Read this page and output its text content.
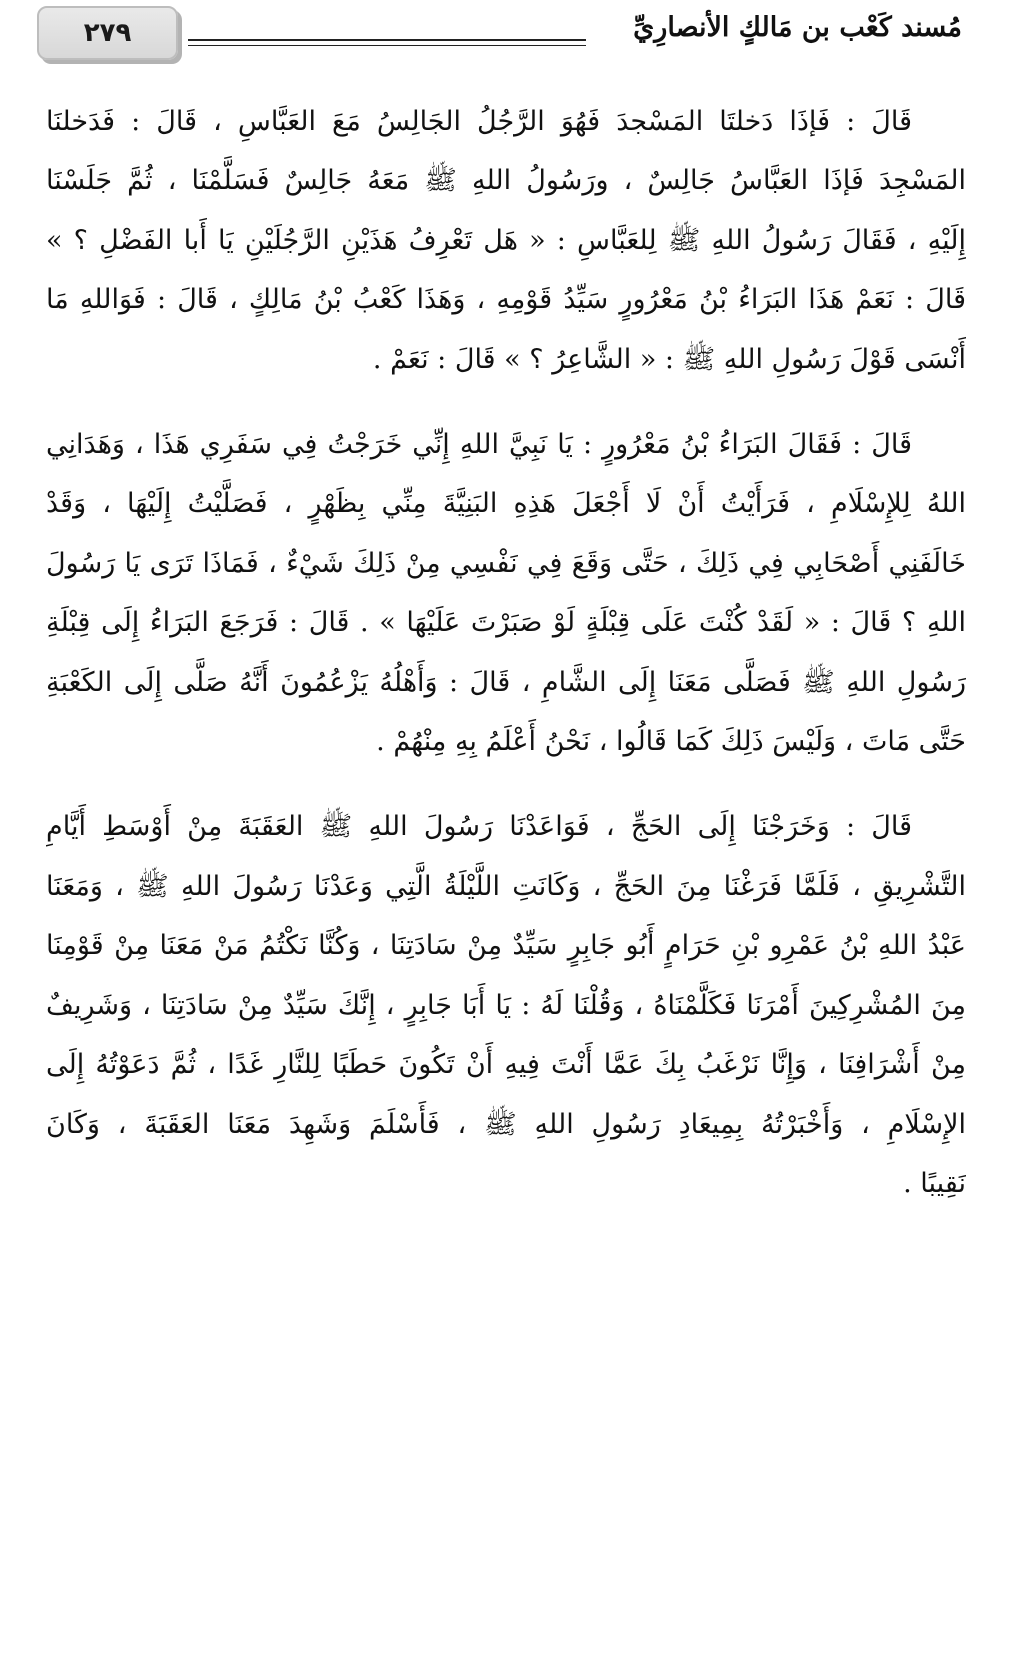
٢٧٩	مُسند كَعْب بن مَالكٍ الأنصارِيِّ
قَالَ : فَإذَا دَخلتَا المَسْجدَ فَهُوَ الرَّجُلُ الجَالِسُ مَعَ العَبَّاسِ ، قَالَ : فَدَخلنَا
المَسْجِدَ فَإذَا العَبَّاسُ جَالِسٌ ، ورَسُولُ اللهِ ﷺ مَعَهُ جَالِسٌ فَسَلَّمْنَا ، ثُمَّ جَلَسْنَا
إِلَيْهِ ، فَقَالَ رَسُولُ اللهِ ﷺ لِلعَبَّاسِ : « هَل تَعْرِفُ هَذَيْنِ الرَّجُلَيْنِ يَا أَبا الفَضْلِ ؟ »
قَالَ : نَعَمْ هَذَا البَرَاءُ بْنُ مَعْرُورٍ سَيِّدُ قَوْمِهِ ، وَهَذَا كَعْبُ بْنُ مَالِكٍ ، قَالَ : فَوَاللهِ مَا
أَنْسَى قَوْلَ رَسُولِ اللهِ ﷺ : « الشَّاعِرُ ؟ » قَالَ : نَعَمْ .
قَالَ : فَقَالَ البَرَاءُ بْنُ مَعْرُورٍ : يَا نَبِيَّ اللهِ إِنِّي خَرَجْتُ فِي سَفَرِي هَذَا ، وَهَدَانِي
اللهُ لِلإِسْلَامِ ، فَرَأَيْتُ أَنْ لَا أَجْعَلَ هَذِهِ البَنِيَّةَ مِنِّي بِظَهْرٍ ، فَصَلَّيْتُ إِلَيْهَا ، وَقَدْ
خَالَفَنِي أَصْحَابِي فِي ذَلِكَ ، حَتَّى وَقَعَ فِي نَفْسِي مِنْ ذَلِكَ شَيْءٌ ، فَمَاذَا تَرَى يَا رَسُولَ
اللهِ ؟ قَالَ : « لَقَدْ كُنْتَ عَلَى قِبْلَةٍ لَوْ صَبَرْتَ عَلَيْهَا » . قَالَ : فَرَجَعَ البَرَاءُ إِلَى قِبْلَةِ
رَسُولِ اللهِ ﷺ فَصَلَّى مَعَنَا إِلَى الشَّامِ ، قَالَ : وَأَهْلُهُ يَزْعُمُونَ أَنَّهُ صَلَّى إِلَى الكَعْبَةِ
حَتَّى مَاتَ ، وَلَيْسَ ذَلِكَ كَمَا قَالُوا ، نَحْنُ أَعْلَمُ بِهِ مِنْهُمْ .
قَالَ : وَخَرَجْنَا إِلَى الحَجِّ ، فَوَاعَدْنَا رَسُولَ اللهِ ﷺ العَقَبَةَ مِنْ أَوْسَطِ أَيَّامِ
التَّشْرِيقِ ، فَلَمَّا فَرَغْنَا مِنَ الحَجِّ ، وَكَانَتِ اللَّيْلَةُ الَّتِي وَعَدْنَا رَسُولَ اللهِ ﷺ ، وَمَعَنَا
عَبْدُ اللهِ بْنُ عَمْرِو بْنِ حَرَامٍ أَبُو جَابِرٍ سَيِّدٌ مِنْ سَادَتِنَا ، وَكُنَّا نَكْتُمُ مَنْ مَعَنَا مِنْ قَوْمِنَا
مِنَ المُشْرِكِينَ أَمْرَنَا فَكَلَّمْنَاهُ ، وَقُلْنَا لَهُ : يَا أَبَا جَابِرٍ ، إِنَّكَ سَيِّدٌ مِنْ سَادَتِنَا ، وَشَرِيفٌ
مِنْ أَشْرَافِنَا ، وَإِنَّا نَرْغَبُ بِكَ عَمَّا أَنْتَ فِيهِ أَنْ تَكُونَ حَطَبًا لِلنَّارِ غَدًا ، ثُمَّ دَعَوْتُهُ إِلَى
الإِسْلَامِ ، وَأَخْبَرْتُهُ بِمِيعَادِ رَسُولِ اللهِ ﷺ ، فَأَسْلَمَ وَشَهِدَ مَعَنَا العَقَبَةَ ، وَكَانَ
نَقِيبًا .
